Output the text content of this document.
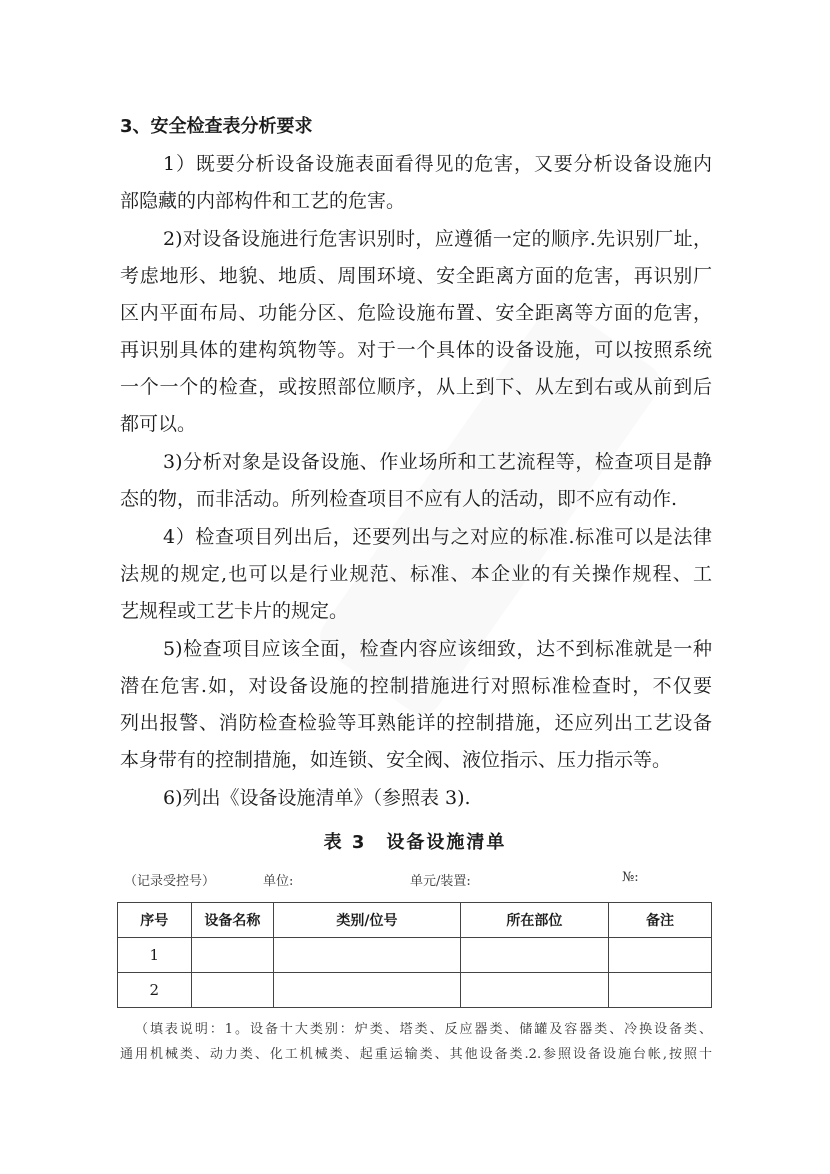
3、安全检查表分析要求
1）既要分析设备设施表面看得见的危害，又要分析设备设施内
部隐藏的内部构件和工艺的危害。
2)对设备设施进行危害识别时，应遵循一定的顺序.先识别厂址，
考虑地形、地貌、地质、周围环境、安全距离方面的危害，再识别厂
区内平面布局、功能分区、危险设施布置、安全距离等方面的危害，
再识别具体的建构筑物等。对于一个具体的设备设施，可以按照系统
一个一个的检查，或按照部位顺序，从上到下、从左到右或从前到后
都可以。
3)分析对象是设备设施、作业场所和工艺流程等，检查项目是静
态的物，而非活动。所列检查项目不应有人的活动，即不应有动作.
4）检查项目列出后，还要列出与之对应的标准.标准可以是法律
法规的规定,也可以是行业规范、标准、本企业的有关操作规程、工
艺规程或工艺卡片的规定。
5)检查项目应该全面，检查内容应该细致，达不到标准就是一种
潜在危害.如，对设备设施的控制措施进行对照标准检查时，不仅要
列出报警、消防检查检验等耳熟能详的控制措施，还应列出工艺设备
本身带有的控制措施，如连锁、安全阀、液位指示、压力指示等。
6)列出《设备设施清单》（参照表 3).
表 3　设备设施清单
（记录受控号）	单位:	单元/装置:	№:
序号	设备名称	类别/位号	所在部位	备注
1				
2				
（填表说明：1。设备十大类别：炉类、塔类、反应器类、储罐及容器类、冷换设备类、
通用机械类、动力类、化工机械类、起重运输类、其他设备类.2.参照设备设施台帐,按照十
